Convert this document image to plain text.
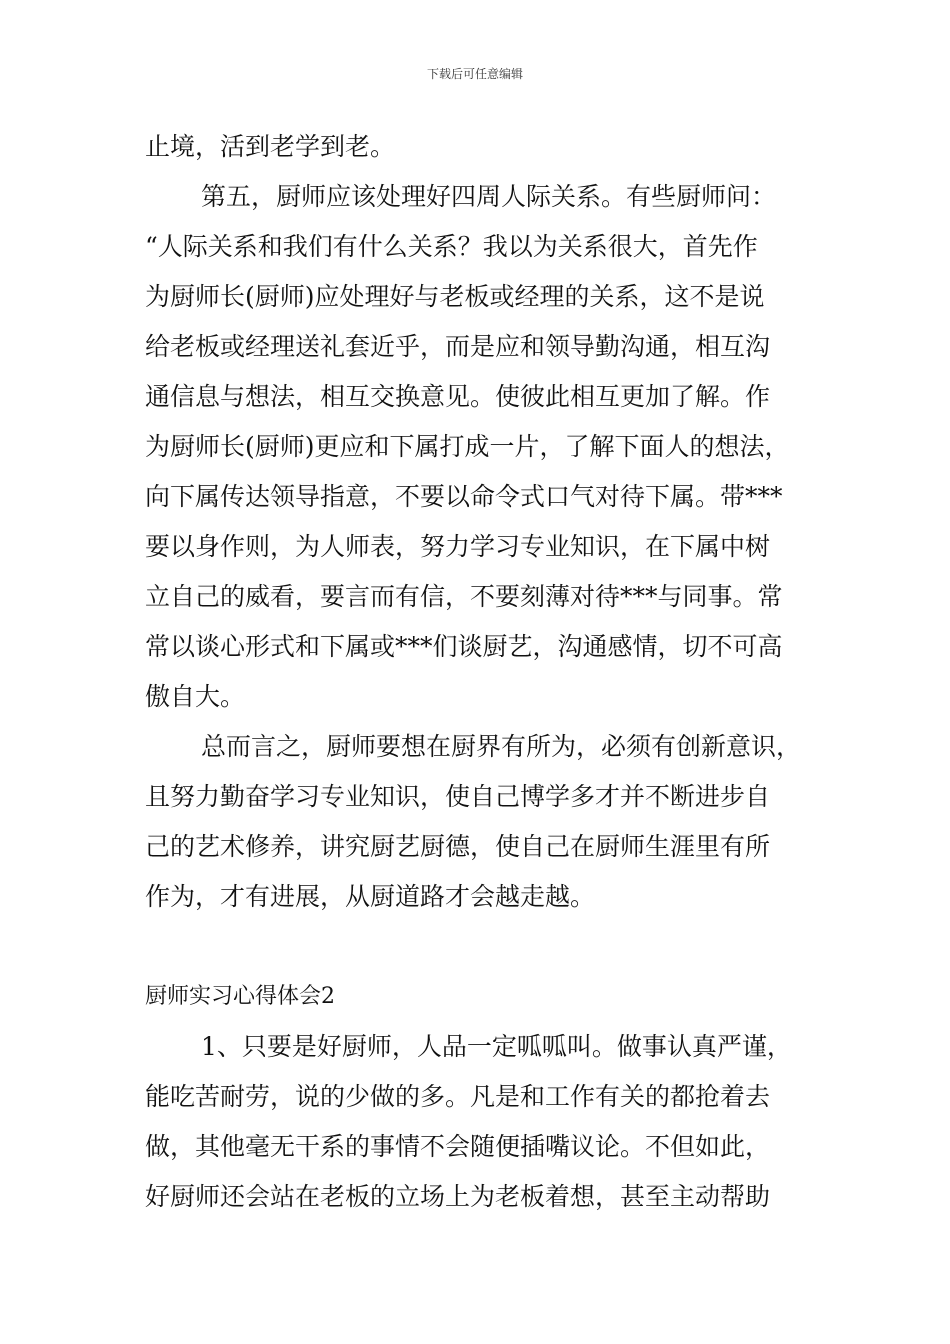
下载后可任意编辑
止境，活到老学到老。
第五，厨师应该处理好四周人际关系。有些厨师问：
“人际关系和我们有什么关系？我以为关系很大，首先作
为厨师长(厨师)应处理好与老板或经理的关系，这不是说
给老板或经理送礼套近乎，而是应和领导勤沟通，相互沟
通信息与想法，相互交换意见。使彼此相互更加了解。作
为厨师长(厨师)更应和下属打成一片，了解下面人的想法，
向下属传达领导指意，不要以命令式口气对待下属。带***
要以身作则，为人师表，努力学习专业知识，在下属中树
立自己的威看，要言而有信，不要刻薄对待***与同事。常
常以谈心形式和下属或***们谈厨艺，沟通感情，切不可高
傲自大。
总而言之，厨师要想在厨界有所为，必须有创新意识，
且努力勤奋学习专业知识，使自己博学多才并不断进步自
己的艺术修养，讲究厨艺厨德，使自己在厨师生涯里有所
作为，才有进展，从厨道路才会越走越。
厨师实习心得体会2
1、只要是好厨师，人品一定呱呱叫。做事认真严谨，
能吃苦耐劳，说的少做的多。凡是和工作有关的都抢着去
做，其他毫无干系的事情不会随便插嘴议论。不但如此，
好厨师还会站在老板的立场上为老板着想，甚至主动帮助
